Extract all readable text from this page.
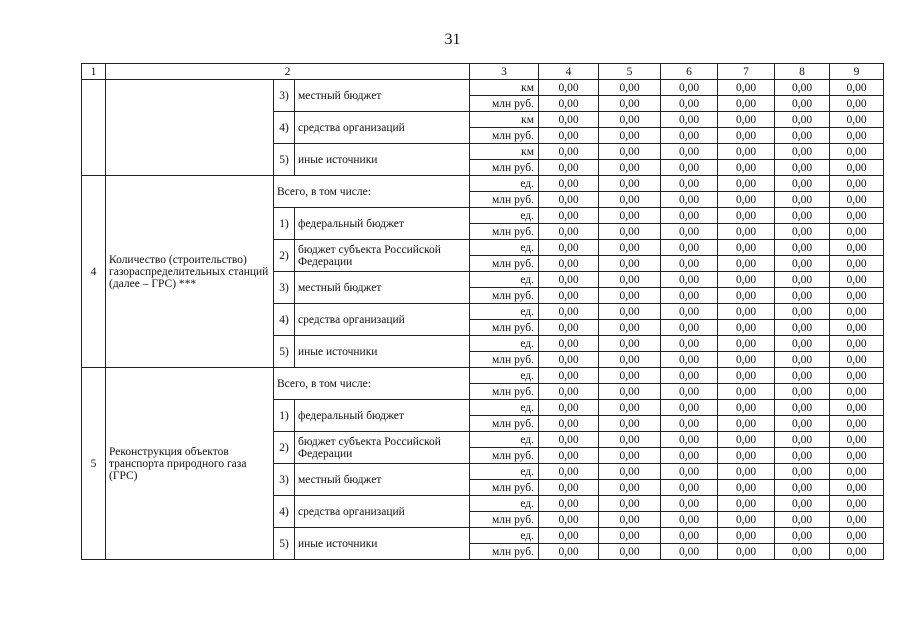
31
1	2			3	4	5	6	7	8	9
		3)	местный бюджет	км	0,00	0,00	0,00	0,00	0,00	0,00
				млн руб.	0,00	0,00	0,00	0,00	0,00	0,00
		4)	средства организаций	км	0,00	0,00	0,00	0,00	0,00	0,00
				млн руб.	0,00	0,00	0,00	0,00	0,00	0,00
		5)	иные источники	км	0,00	0,00	0,00	0,00	0,00	0,00
				млн руб.	0,00	0,00	0,00	0,00	0,00	0,00
4	Количество (строительство) газораспределительных станций (далее – ГРС) ***	Всего, в том числе:		ед.	0,00	0,00	0,00	0,00	0,00	0,00
				млн руб.	0,00	0,00	0,00	0,00	0,00	0,00
		1)	федеральный бюджет	ед.	0,00	0,00	0,00	0,00	0,00	0,00
				млн руб.	0,00	0,00	0,00	0,00	0,00	0,00
		2)	бюджет субъекта Российской Федерации	ед.	0,00	0,00	0,00	0,00	0,00	0,00
				млн руб.	0,00	0,00	0,00	0,00	0,00	0,00
		3)	местный бюджет	ед.	0,00	0,00	0,00	0,00	0,00	0,00
				млн руб.	0,00	0,00	0,00	0,00	0,00	0,00
		4)	средства организаций	ед.	0,00	0,00	0,00	0,00	0,00	0,00
				млн руб.	0,00	0,00	0,00	0,00	0,00	0,00
		5)	иные источники	ед.	0,00	0,00	0,00	0,00	0,00	0,00
				млн руб.	0,00	0,00	0,00	0,00	0,00	0,00
5	Реконструкция объектов транспорта природного газа (ГРС)	Всего, в том числе:		ед.	0,00	0,00	0,00	0,00	0,00	0,00
				млн руб.	0,00	0,00	0,00	0,00	0,00	0,00
		1)	федеральный бюджет	ед.	0,00	0,00	0,00	0,00	0,00	0,00
				млн руб.	0,00	0,00	0,00	0,00	0,00	0,00
		2)	бюджет субъекта Российской Федерации	ед.	0,00	0,00	0,00	0,00	0,00	0,00
				млн руб.	0,00	0,00	0,00	0,00	0,00	0,00
		3)	местный бюджет	ед.	0,00	0,00	0,00	0,00	0,00	0,00
				млн руб.	0,00	0,00	0,00	0,00	0,00	0,00
		4)	средства организаций	ед.	0,00	0,00	0,00	0,00	0,00	0,00
				млн руб.	0,00	0,00	0,00	0,00	0,00	0,00
		5)	иные источники	ед.	0,00	0,00	0,00	0,00	0,00	0,00
				млн руб.	0,00	0,00	0,00	0,00	0,00	0,00
